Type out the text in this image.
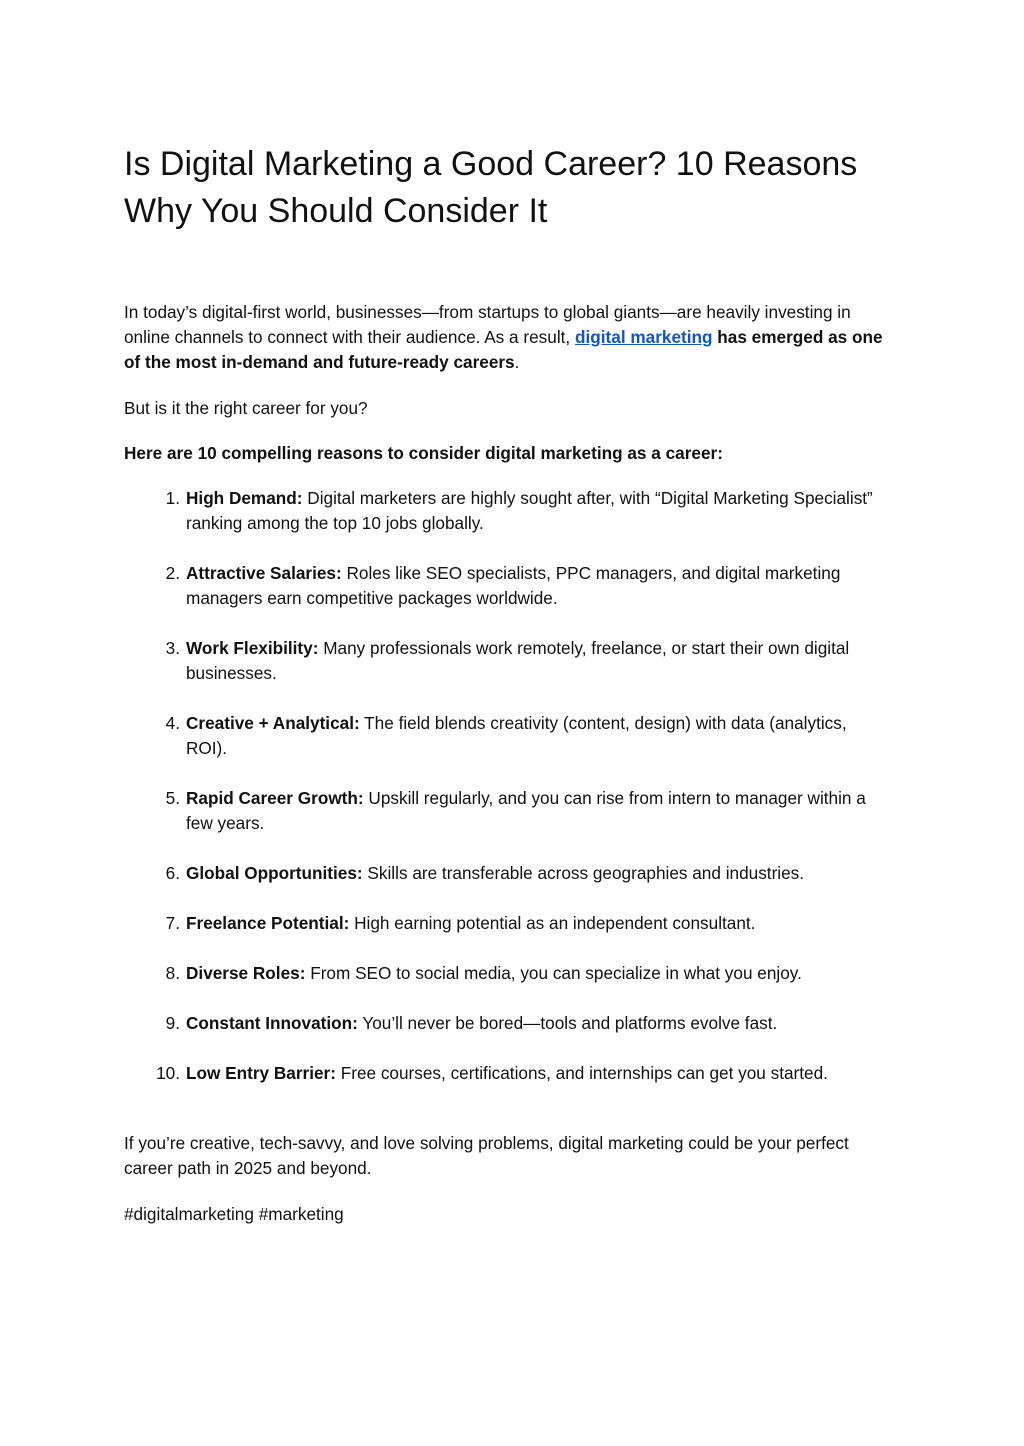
Is Digital Marketing a Good Career? 10 Reasons Why You Should Consider It

In today’s digital-first world, businesses—from startups to global giants—are heavily investing in online channels to connect with their audience. As a result, digital marketing has emerged as one of the most in-demand and future-ready careers.

But is it the right career for you?

Here are 10 compelling reasons to consider digital marketing as a career:

1. High Demand: Digital marketers are highly sought after, with “Digital Marketing Specialist” ranking among the top 10 jobs globally.
2. Attractive Salaries: Roles like SEO specialists, PPC managers, and digital marketing managers earn competitive packages worldwide.
3. Work Flexibility: Many professionals work remotely, freelance, or start their own digital businesses.
4. Creative + Analytical: The field blends creativity (content, design) with data (analytics, ROI).
5. Rapid Career Growth: Upskill regularly, and you can rise from intern to manager within a few years.
6. Global Opportunities: Skills are transferable across geographies and industries.
7. Freelance Potential: High earning potential as an independent consultant.
8. Diverse Roles: From SEO to social media, you can specialize in what you enjoy.
9. Constant Innovation: You’ll never be bored—tools and platforms evolve fast.
10. Low Entry Barrier: Free courses, certifications, and internships can get you started.

If you’re creative, tech-savvy, and love solving problems, digital marketing could be your perfect career path in 2025 and beyond.

#digitalmarketing #marketing
